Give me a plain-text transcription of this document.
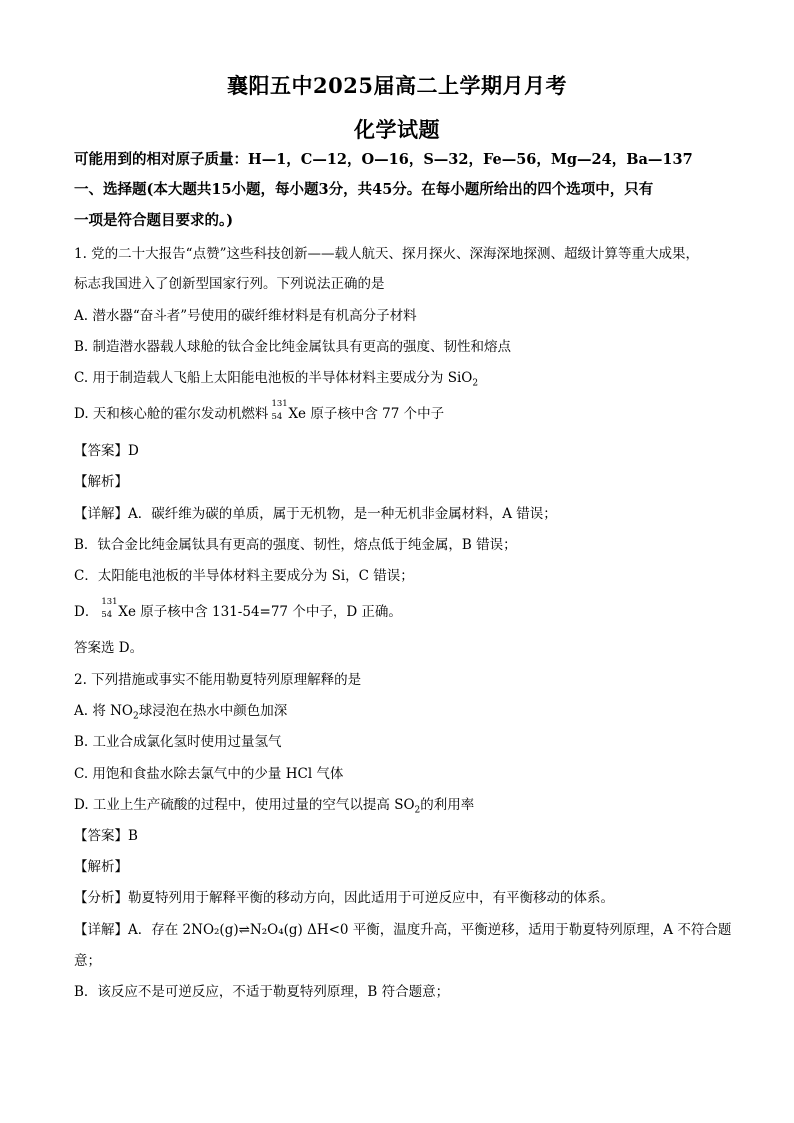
襄阳五中2025届高二上学期月月考
化学试题
可能用到的相对原子质量：H—1，C—12，O—16，S—32，Fe—56，Mg—24，Ba—137
一、选择题(本大题共15小题，每小题3分，共45分。在每小题所给出的四个选项中，只有
一项是符合题目要求的。)
1. 党的二十大报告“点赞”这些科技创新——载人航天、探月探火、深海深地探测、超级计算等重大成果，
标志我国进入了创新型国家行列。下列说法正确的是
A. 潜水器“奋斗者”号使用的碳纤维材料是有机高分子材料
B. 制造潜水器载人球舱的钛合金比纯金属钛具有更高的强度、韧性和熔点
C. 用于制造载人飞船上太阳能电池板的半导体材料主要成分为 SiO$_2$
D. 天和核心舱的霍尔发动机燃料
131
54 Xe 原子核中含 77 个中子
【答案】D
【解析】
【详解】A．碳纤维为碳的单质，属于无机物，是一种无机非金属材料，A 错误；
B．钛合金比纯金属钛具有更高的强度、韧性，熔点低于纯金属，B 错误；
C．太阳能电池板的半导体材料主要成分为 Si，C 错误；
D．
131
54 Xe 原子核中含 131-54=77 个中子，D 正确。
答案选 D。
2. 下列措施或事实不能用勒夏特列原理解释的是
A. 将 $NO_2$球浸泡在热水中颜色加深
B. 工业合成氯化氢时使用过量氢气
C. 用饱和食盐水除去氯气中的少量 HCl 气体
D. 工业上生产硫酸的过程中，使用过量的空气以提高 $SO_2$的利用率
【答案】B
【解析】
【分析】勒夏特列用于解释平衡的移动方向，因此适用于可逆反应中，有平衡移动的体系。
【详解】A．存在 2NO₂(g)⇌N₂O₄(g) ΔH<0 平衡，温度升高，平衡逆移，适用于勒夏特列原理，A 不符合题
意；
B．该反应不是可逆反应，不适于勒夏特列原理，B 符合题意；
